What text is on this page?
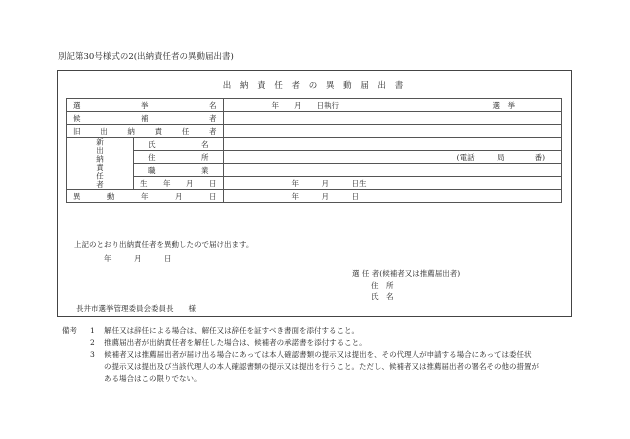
別記第30号様式の2(出納責任者の異動届出書)
出 納 責 任 者 の 異 動 届 出 書
選　挙　名		年　　月　　日執行 選　挙

候　補　者		

旧出納責任者		

新出納責任者	氏　　名	

	住　　所	(電話　　　局　　　　番)

	職　　業	

	生　年　月　日	年　　　月　　　日生

異　動　年　月　日		年　　　月　　　日
上記のとおり出納責任者を異動したので届け出ます。
年　　　月　　　日
選 任 者(候補者又は推薦届出者)
住　所
氏　名
長井市選挙管理委員会委員長　　様
備考 1 解任又は辞任による場合は、解任又は辞任を証すべき書面を添付すること。
2 推薦届出者が出納責任者を解任した場合は、候補者の承諾書を添付すること。
3 候補者又は推薦届出者が届け出る場合にあっては本人確認書類の提示又は提出を、その代理人が申請する場合にあっては委任状
の提示又は提出及び当該代理人の本人確認書類の提示又は提出を行うこと。ただし、候補者又は推薦届出者の署名その他の措置が
ある場合はこの限りでない。
